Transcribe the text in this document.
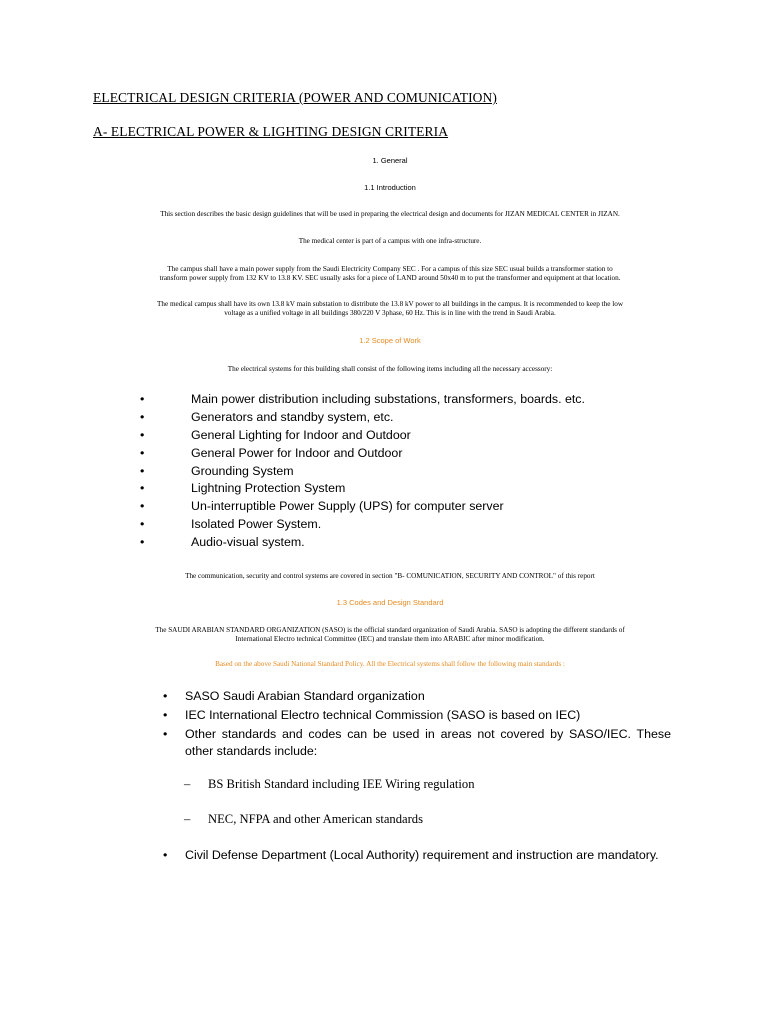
ELECTRICAL DESIGN CRITERIA (POWER AND COMUNICATION)
A- ELECTRICAL POWER & LIGHTING DESIGN CRITERIA
1. General
1.1 Introduction
This section describes the basic design guidelines that will be used in preparing the electrical design and documents for JIZAN MEDICAL CENTER in JIZAN.
The medical center is part of a campus with one infra-structure.
The campus shall have a main power supply from the Saudi Electricity Company SEC . For a campus of this size SEC usual builds a transformer station to
transform power supply from 132 KV to 13.8 KV. SEC usually asks for a piece of LAND around 50x40 m to put the transformer and equipment at that location.
The medical campus shall have its own 13.8 kV main substation to distribute the 13.8 kV power to all buildings in the campus. It is recommended to keep the low
voltage as a unified voltage in all buildings 380/220 V 3phase, 60 Hz. This is in line with the trend in Saudi Arabia.
1.2 Scope of Work
The electrical systems for this building shall consist of the following items including all the necessary accessory:
•	Main power distribution including substations, transformers, boards. etc.
•	Generators and standby system, etc.
•	General Lighting for Indoor and Outdoor
•	General Power for Indoor and Outdoor
•	Grounding System
•	Lightning Protection System
•	Un-interruptible Power Supply (UPS) for computer server
•	Isolated Power System.
•	Audio-visual system.
The communication, security and control systems are covered in section "B- COMUNICATION, SECURITY AND CONTROL" of this report
1.3 Codes and Design Standard
The SAUDI ARABIAN STANDARD ORGANIZATION (SASO) is the official standard organization of Saudi Arabia. SASO is adopting the different standards of
International Electro technical Committee (IEC) and translate them into ARABIC after minor modification.
Based on the above Saudi National Standard Policy. All the Electrical systems shall follow the following main standards :
• SASO Saudi Arabian Standard organization
• IEC International Electro technical Commission (SASO is based on IEC)
• Other standards and codes can be used in areas not covered by SASO/IEC. These other standards include:
– BS British Standard including IEE Wiring regulation
– NEC, NFPA and other American standards
• Civil Defense Department (Local Authority) requirement and instruction are mandatory.
